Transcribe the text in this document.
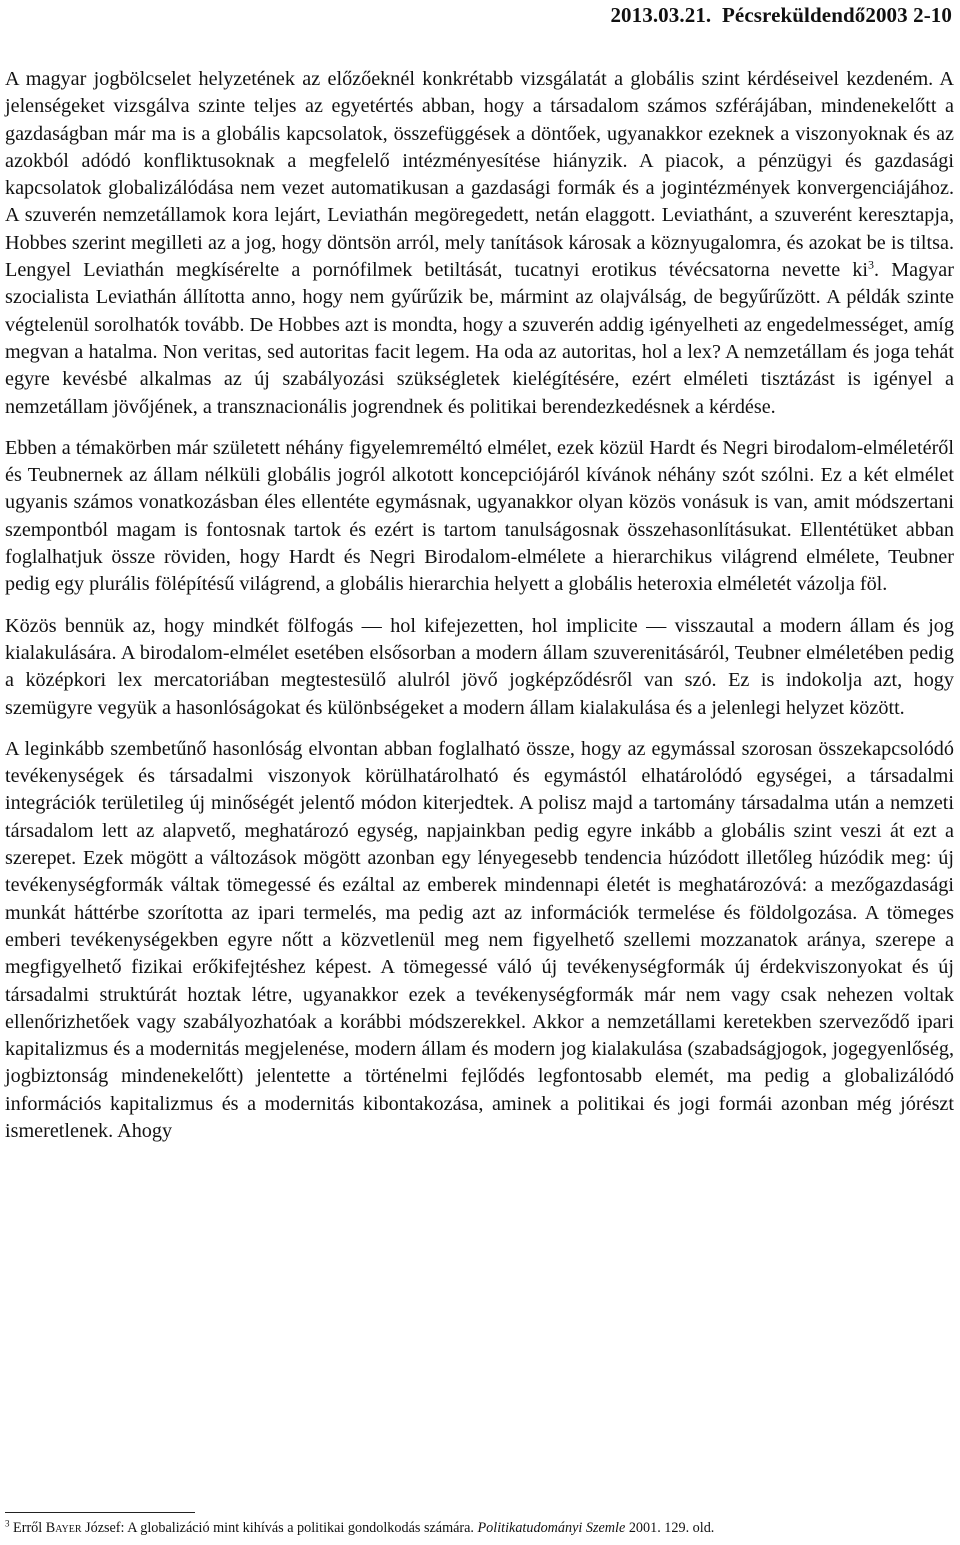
2013.03.21. Pécsreküldendő2003 2-10

A magyar jogbölcselet helyzetének az előzőeknél konkrétabb vizsgálatát a globális szint kérdéseivel kezdeném. A jelenségeket vizsgálva szinte teljes az egyetértés abban, hogy a társadalom számos szférájában, mindenekelőtt a gazdaságban már ma is a globális kapcsolatok, összefüggések a döntőek, ugyanakkor ezeknek a viszonyoknak és az azokból adódó konfliktusoknak a megfelelő intézményesítése hiányzik. A piacok, a pénzügyi és gazdasági kapcsolatok globalizálódása nem vezet automatikusan a gazdasági formák és a jogintézmények konvergenciájához. A szuverén nemzetállamok kora lejárt, Leviathán megöregedett, netán elaggott. Leviathánt, a szuverént keresztapja, Hobbes szerint megilleti az a jog, hogy döntsön arról, mely tanítások károsak a köznyugalomra, és azokat be is tiltsa. Lengyel Leviathán megkísérelte a pornófilmek betiltását, tucatnyi erotikus tévécsatorna nevette $ki^3$. Magyar szocialista Leviathán állította anno, hogy nem gyűrűzik be, mármint az olajválság, de begyűrűzött. A példák szinte végtelenül sorolhatók tovább. De Hobbes azt is mondta, hogy a szuverén addig igényelheti az engedelmességet, amíg megvan a hatalma. Non veritas, sed autoritas facit legem. Ha oda az autoritas, hol a lex? A nemzetállam és joga tehát egyre kevésbé alkalmas az új szabályozási szükségletek kielégítésére, ezért elméleti tisztázást is igényel a nemzetállam jövőjének, a transznacionális jogrendnek és politikai berendezkedésnek a kérdése.

Ebben a témakörben már született néhány figyelemreméltó elmélet, ezek közül Hardt és Negri birodalom-elméletéről és Teubnernek az állam nélküli globális jogról alkotott koncepciójáról kívánok néhány szót szólni. Ez a két elmélet ugyanis számos vonatkozásban éles ellentéte egymásnak, ugyanakkor olyan közös vonásuk is van, amit módszertani szempontból magam is fontosnak tartok és ezért is tartom tanulságosnak összehasonlításukat. Ellentétüket abban foglalhatjuk össze röviden, hogy Hardt és Negri Birodalom-elmélete a hierarchikus világrend elmélete, Teubner pedig egy plurális fölépítésű világrend, a globális hierarchia helyett a globális heteroxia elméletét vázolja föl.

Közös bennük az, hogy mindkét fölfogás — hol kifejezetten, hol implicite — visszautal a modern állam és jog kialakulására. A birodalom-elmélet esetében elsősorban a modern állam szuverenitásáról, Teubner elméletében pedig a középkori lex mercatoriában megtestesülő alulról jövő jogképződésről van szó. Ez is indokolja azt, hogy szemügyre vegyük a hasonlóságokat és különbségeket a modern állam kialakulása és a jelenlegi helyzet között.

A leginkább szembetűnő hasonlóság elvontan abban foglalható össze, hogy az egymással szorosan összekapcsolódó tevékenységek és társadalmi viszonyok körülhatárolható és egymástól elhatárolódó egységei, a társadalmi integrációk területileg új minőségét jelentő módon kiterjedtek. A polisz majd a tartomány társadalma után a nemzeti társadalom lett az alapvető, meghatározó egység, napjainkban pedig egyre inkább a globális szint veszi át ezt a szerepet. Ezek mögött a változások mögött azonban egy lényegesebb tendencia húzódott illetőleg húzódik meg: új tevékenységformák váltak tömegessé és ezáltal az emberek mindennapi életét is meghatározóvá: a mezőgazdasági munkát háttérbe szorította az ipari termelés, ma pedig azt az információk termelése és földolgozása. A tömeges emberi tevékenységekben egyre nőtt a közvetlenül meg nem figyelhető szellemi mozzanatok aránya, szerepe a megfigyelhető fizikai erőkifejtéshez képest. A tömegessé váló új tevékenységformák új érdekviszonyokat és új társadalmi struktúrát hoztak létre, ugyanakkor ezek a tevékenységformák már nem vagy csak nehezen voltak ellenőrizhetőek vagy szabályozhatóak a korábbi módszerekkel. Akkor a nemzetállami keretekben szerveződő ipari kapitalizmus és a modernitás megjelenése, modern állam és modern jog kialakulása (szabadságjogok, jogegyenlőség, jogbiztonság mindenekelőtt) jelentette a történelmi fejlődés legfontosabb elemét, ma pedig a globalizálódó információs kapitalizmus és a modernitás kibontakozása, aminek a politikai és jogi formái azonban még jórészt ismeretlenek. Ahogy

$^3$ Erről Bayer József: A globalizáció mint kihívás a politikai gondolkodás számára. Politikatudományi Szemle 2001. 129. old.
